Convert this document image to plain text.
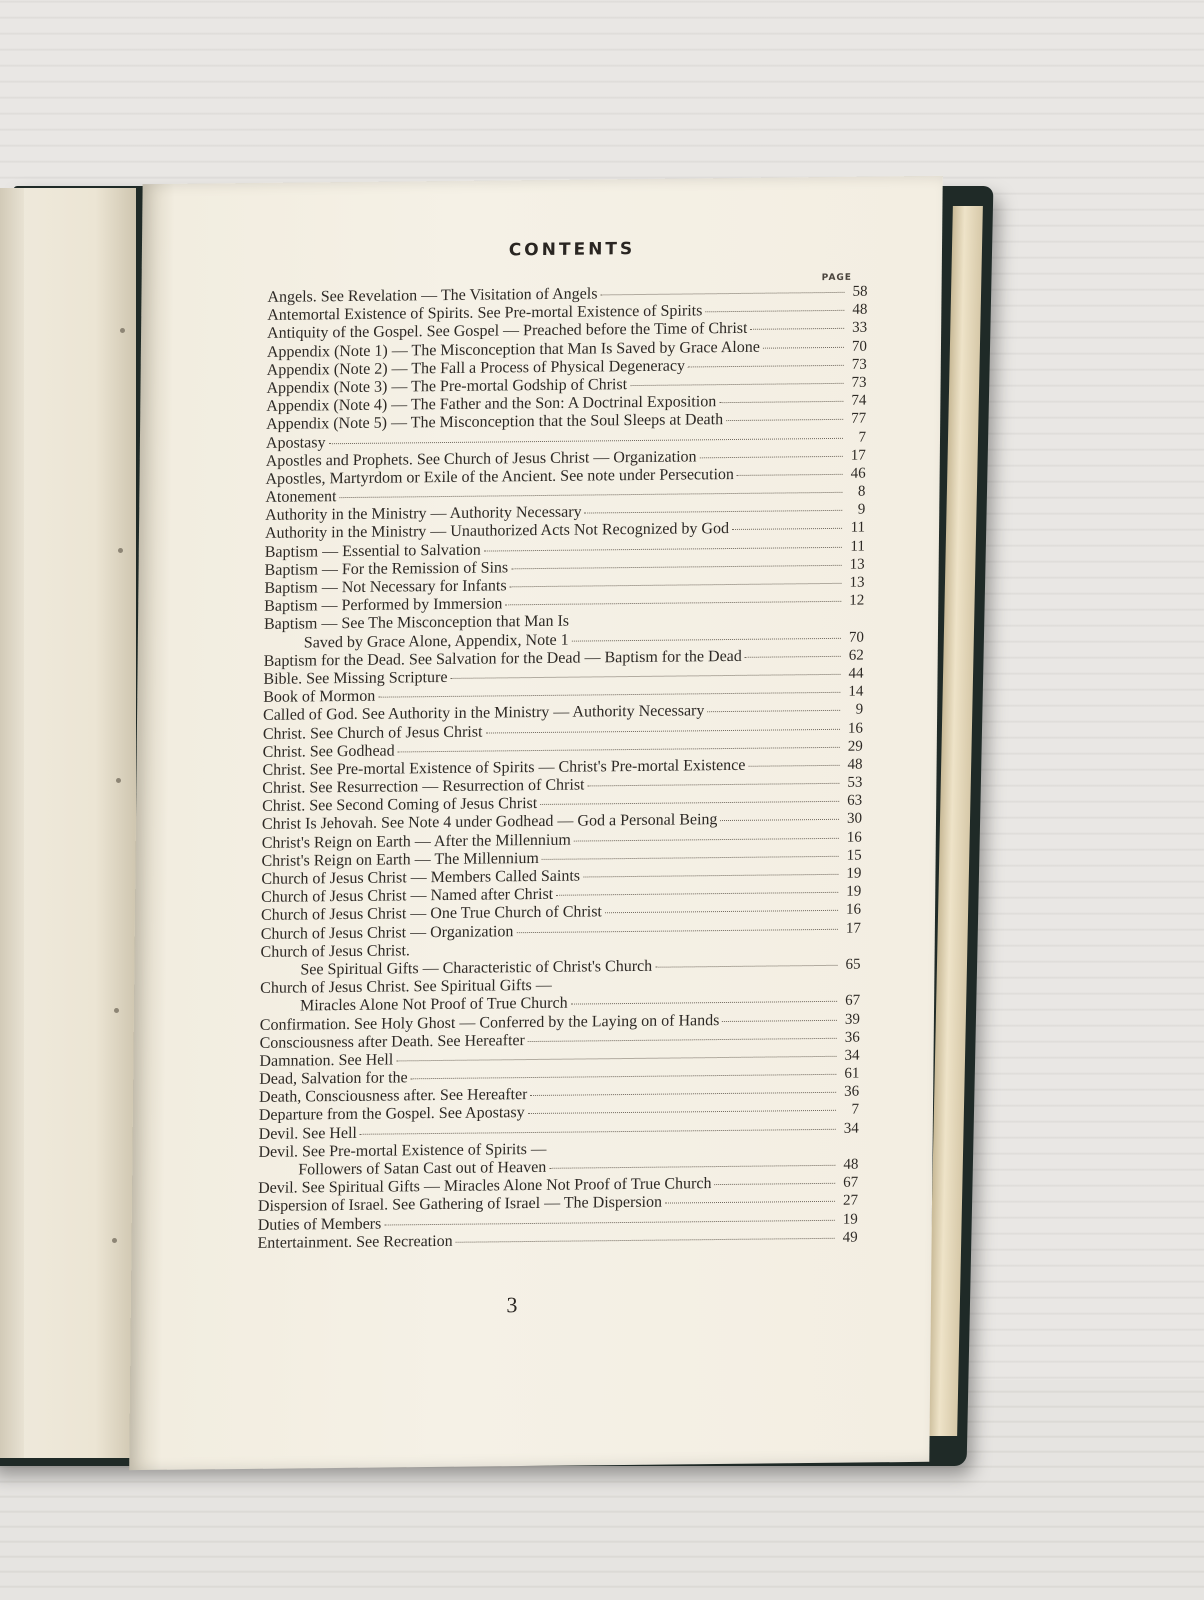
CONTENTS
PAGE
Angels. See Revelation — The Visitation of Angels	58
Antemortal Existence of Spirits. See Pre-mortal Existence of Spirits	48
Antiquity of the Gospel. See Gospel — Preached before the Time of Christ	33
Appendix (Note 1) — The Misconception that Man Is Saved by Grace Alone	70
Appendix (Note 2) — The Fall a Process of Physical Degeneracy	73
Appendix (Note 3) — The Pre-mortal Godship of Christ	73
Appendix (Note 4) — The Father and the Son: A Doctrinal Exposition	74
Appendix (Note 5) — The Misconception that the Soul Sleeps at Death	77
Apostasy	7
Apostles and Prophets. See Church of Jesus Christ — Organization	17
Apostles, Martyrdom or Exile of the Ancient. See note under Persecution	46
Atonement	8
Authority in the Ministry — Authority Necessary	9
Authority in the Ministry — Unauthorized Acts Not Recognized by God	11
Baptism — Essential to Salvation	11
Baptism — For the Remission of Sins	13
Baptism — Not Necessary for Infants	13
Baptism — Performed by Immersion	12
Baptism — See The Misconception that Man Is
Saved by Grace Alone, Appendix, Note 1	70
Baptism for the Dead. See Salvation for the Dead — Baptism for the Dead	62
Bible. See Missing Scripture	44
Book of Mormon	14
Called of God. See Authority in the Ministry — Authority Necessary	9
Christ. See Church of Jesus Christ	16
Christ. See Godhead	29
Christ. See Pre-mortal Existence of Spirits — Christ's Pre-mortal Existence	48
Christ. See Resurrection — Resurrection of Christ	53
Christ. See Second Coming of Jesus Christ	63
Christ Is Jehovah. See Note 4 under Godhead — God a Personal Being	30
Christ's Reign on Earth — After the Millennium	16
Christ's Reign on Earth — The Millennium	15
Church of Jesus Christ — Members Called Saints	19
Church of Jesus Christ — Named after Christ	19
Church of Jesus Christ — One True Church of Christ	16
Church of Jesus Christ — Organization	17
Church of Jesus Christ.
See Spiritual Gifts — Characteristic of Christ's Church	65
Church of Jesus Christ. See Spiritual Gifts —
Miracles Alone Not Proof of True Church	67
Confirmation. See Holy Ghost — Conferred by the Laying on of Hands	39
Consciousness after Death. See Hereafter	36
Damnation. See Hell	34
Dead, Salvation for the	61
Death, Consciousness after. See Hereafter	36
Departure from the Gospel. See Apostasy	7
Devil. See Hell	34
Devil. See Pre-mortal Existence of Spirits —
Followers of Satan Cast out of Heaven	48
Devil. See Spiritual Gifts — Miracles Alone Not Proof of True Church	67
Dispersion of Israel. See Gathering of Israel — The Dispersion	27
Duties of Members	19
Entertainment. See Recreation	49
3
